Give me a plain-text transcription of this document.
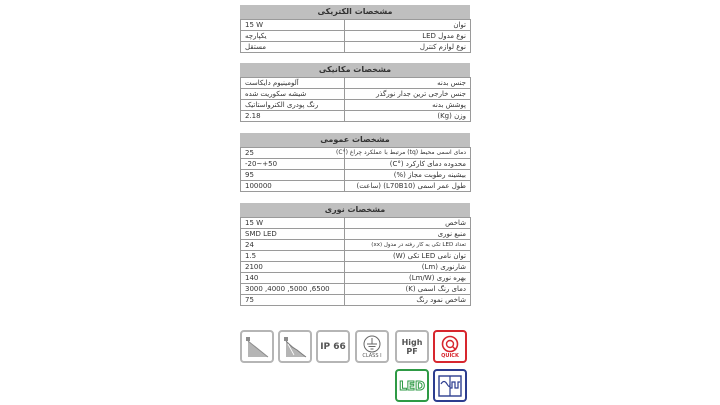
مشخصات الکتریکی
15 W	توان
یکپارچه	نوع مدول LED
مستقل	نوع لوازم کنترل
مشخصات مکانیکی
آلومینیوم دایکاست	جنس بدنه
شیشه سکوریت شده	جنس خارجی ترین جدار نورگذر
رنگ پودری الکترواستاتیک	پوشش بدنه
2.18	وزن (Kg)
مشخصات عمومی
25	دمای اسمی محیط (tq) مرتبط با عملکرد چراغ (°C)
-20~+50	محدوده دمای کارکرد (°C)
95	بیشینه رطوبت مجاز (%)
100000	طول عمر اسمی (L70B10) (ساعت)
مشخصات نوری
15 W	شاخص
SMD LED	منبع نوری
24	تعداد LED تکی به کار رفته در مدول (xx)
1.5	توان نامی LED تکی (W)
2100	شارنوری (Lm)
140	بهره نوری (Lm/W)
3000 ,4000 ,5000 ,6500	دمای رنگ اسمی (K)
75	شاخص نمود رنگ
IP 66
CLASS I
High
PF	QUICK
LED
